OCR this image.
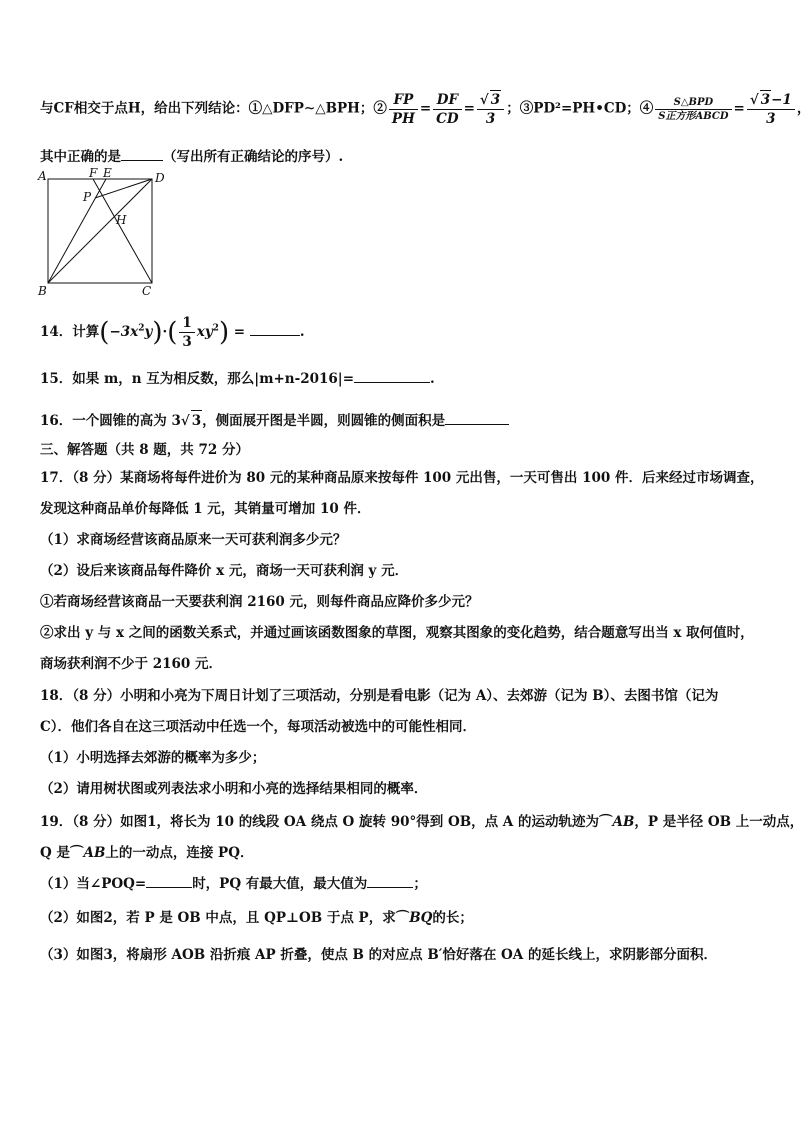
与CF相交于点H，给出下列结论：①△DFP∼△BPH；② $\frac{FP}{PH} = \frac{DF}{CD} = \frac{√ 3}{3}$ ；③PD²=PH•CD；④ $\frac{\text{S△BPD}}{\text{S正方形ABCD}} = \frac{√ 3-1}{3}$ ，
其中正确的是	（写出所有正确结论的序号）.
A	F E	D
P
H
B	C
14．计算$(-3x^2y)\cdot( \frac{1}{3} xy^2)$ =	.
15．如果 m，n 互为相反数，那么|m+n-2016|=	.
16．一个圆锥的高为 3√ 3，侧面展开图是半圆，则圆锥的侧面积是
三、解答题（共 8 题，共 72 分）
17．（8 分）某商场将每件进价为 80 元的某种商品原来按每件 100 元出售，一天可售出 100 件．后来经过市场调查，
发现这种商品单价每降低 1 元，其销量可增加 10 件．
（1）求商场经营该商品原来一天可获利润多少元？
（2）设后来该商品每件降价 x 元，商场一天可获利润 y 元．
①若商场经营该商品一天要获利润 2160 元，则每件商品应降价多少元？
②求出 y 与 x 之间的函数关系式，并通过画该函数图象的草图，观察其图象的变化趋势，结合题意写出当 x 取何值时，
商场获利润不少于 2160 元．
18．（8 分）小明和小亮为下周日计划了三项活动，分别是看电影（记为 A）、去郊游（记为 B）、去图书馆（记为
C）．他们各自在这三项活动中任选一个，每项活动被选中的可能性相同．
（1）小明选择去郊游的概率为多少；
（2）请用树状图或列表法求小明和小亮的选择结果相同的概率．
19．（8 分）如图1，将长为 10 的线段 OA 绕点 O 旋转 90°得到 OB，点 A 的运动轨迹为⌒AB，P 是半径 OB 上一动点，
Q 是⌒AB上的一动点，连接 PQ．
（1）当∠POQ=	时，PQ 有最大值，最大值为	；
（2）如图2，若 P 是 OB 中点，且 QP⊥OB 于点 P，求⌒BQ的长；
（3）如图3，将扇形 AOB 沿折痕 AP 折叠，使点 B 的对应点 B′恰好落在 OA 的延长线上，求阴影部分面积．
